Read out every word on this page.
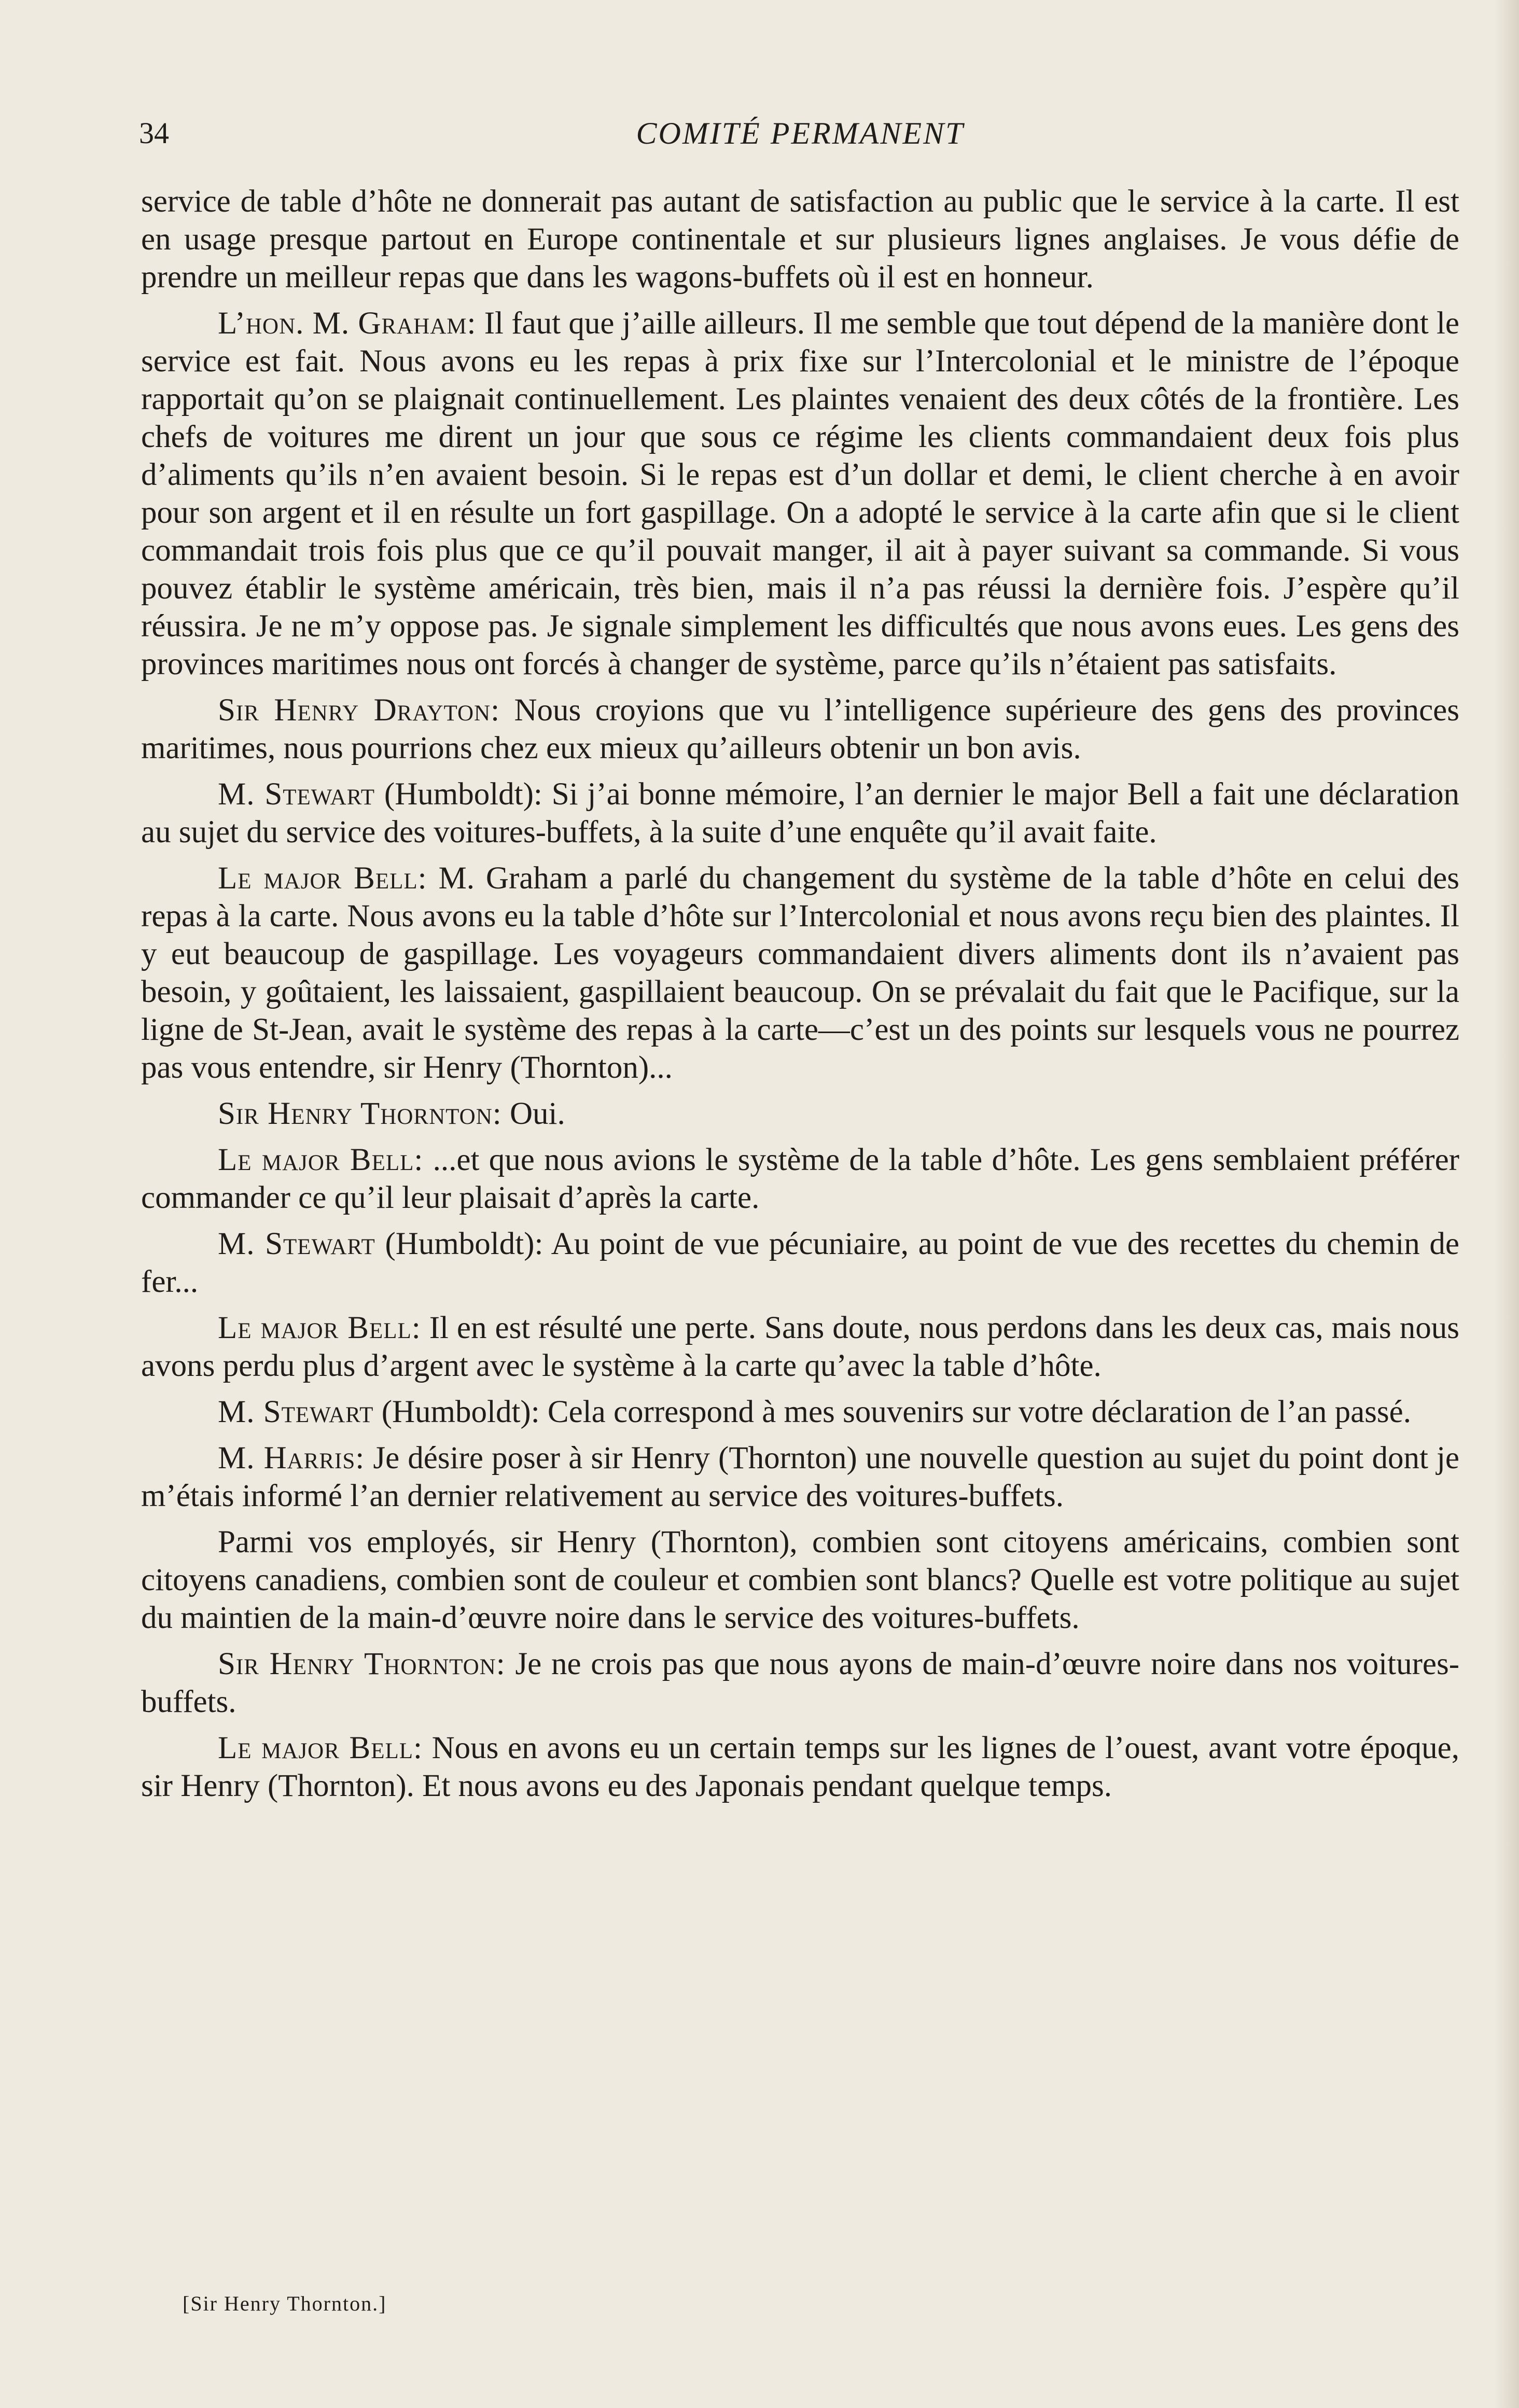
34	COMITÉ PERMANENT

service de table d’hôte ne donnerait pas autant de satisfaction au public que le service à la carte. Il est en usage presque partout en Europe continentale et sur plusieurs lignes anglaises. Je vous défie de prendre un meilleur repas que dans les wagons-buffets où il est en honneur.

L’hon. M. Graham: Il faut que j’aille ailleurs. Il me semble que tout dépend de la manière dont le service est fait. Nous avons eu les repas à prix fixe sur l’Intercolonial et le ministre de l’époque rapportait qu’on se plaignait continuellement. Les plaintes venaient des deux côtés de la frontière. Les chefs de voitures me dirent un jour que sous ce régime les clients commandaient deux fois plus d’aliments qu’ils n’en avaient besoin. Si le repas est d’un dollar et demi, le client cherche à en avoir pour son argent et il en résulte un fort gaspillage. On a adopté le service à la carte afin que si le client commandait trois fois plus que ce qu’il pouvait manger, il ait à payer suivant sa commande. Si vous pouvez établir le système américain, très bien, mais il n’a pas réussi la dernière fois. J’espère qu’il réussira. Je ne m’y oppose pas. Je signale simplement les difficultés que nous avons eues. Les gens des provinces maritimes nous ont forcés à changer de système, parce qu’ils n’étaient pas satisfaits.

Sir Henry Drayton: Nous croyions que vu l’intelligence supérieure des gens des provinces maritimes, nous pourrions chez eux mieux qu’ailleurs obtenir un bon avis.

M. Stewart (Humboldt): Si j’ai bonne mémoire, l’an dernier le major Bell a fait une déclaration au sujet du service des voitures-buffets, à la suite d’une enquête qu’il avait faite.

Le major Bell: M. Graham a parlé du changement du système de la table d’hôte en celui des repas à la carte. Nous avons eu la table d’hôte sur l’Intercolonial et nous avons reçu bien des plaintes. Il y eut beaucoup de gaspillage. Les voyageurs commandaient divers aliments dont ils n’avaient pas besoin, y goûtaient, les laissaient, gaspillaient beaucoup. On se prévalait du fait que le Pacifique, sur la ligne de St-Jean, avait le système des repas à la carte—c’est un des points sur lesquels vous ne pourrez pas vous entendre, sir Henry (Thornton)...

Sir Henry Thornton: Oui.

Le major Bell: ...et que nous avions le système de la table d’hôte. Les gens semblaient préférer commander ce qu’il leur plaisait d’après la carte.

M. Stewart (Humboldt): Au point de vue pécuniaire, au point de vue des recettes du chemin de fer...

Le major Bell: Il en est résulté une perte. Sans doute, nous perdons dans les deux cas, mais nous avons perdu plus d’argent avec le système à la carte qu’avec la table d’hôte.

M. Stewart (Humboldt): Cela correspond à mes souvenirs sur votre déclaration de l’an passé.

M. Harris: Je désire poser à sir Henry (Thornton) une nouvelle question au sujet du point dont je m’étais informé l’an dernier relativement au service des voitures-buffets.

Parmi vos employés, sir Henry (Thornton), combien sont citoyens américains, combien sont citoyens canadiens, combien sont de couleur et combien sont blancs? Quelle est votre politique au sujet du maintien de la main-d’œuvre noire dans le service des voitures-buffets.

Sir Henry Thornton: Je ne crois pas que nous ayons de main-d’œuvre noire dans nos voitures-buffets.

Le major Bell: Nous en avons eu un certain temps sur les lignes de l’ouest, avant votre époque, sir Henry (Thornton). Et nous avons eu des Japonais pendant quelque temps.

[Sir Henry Thornton.]
